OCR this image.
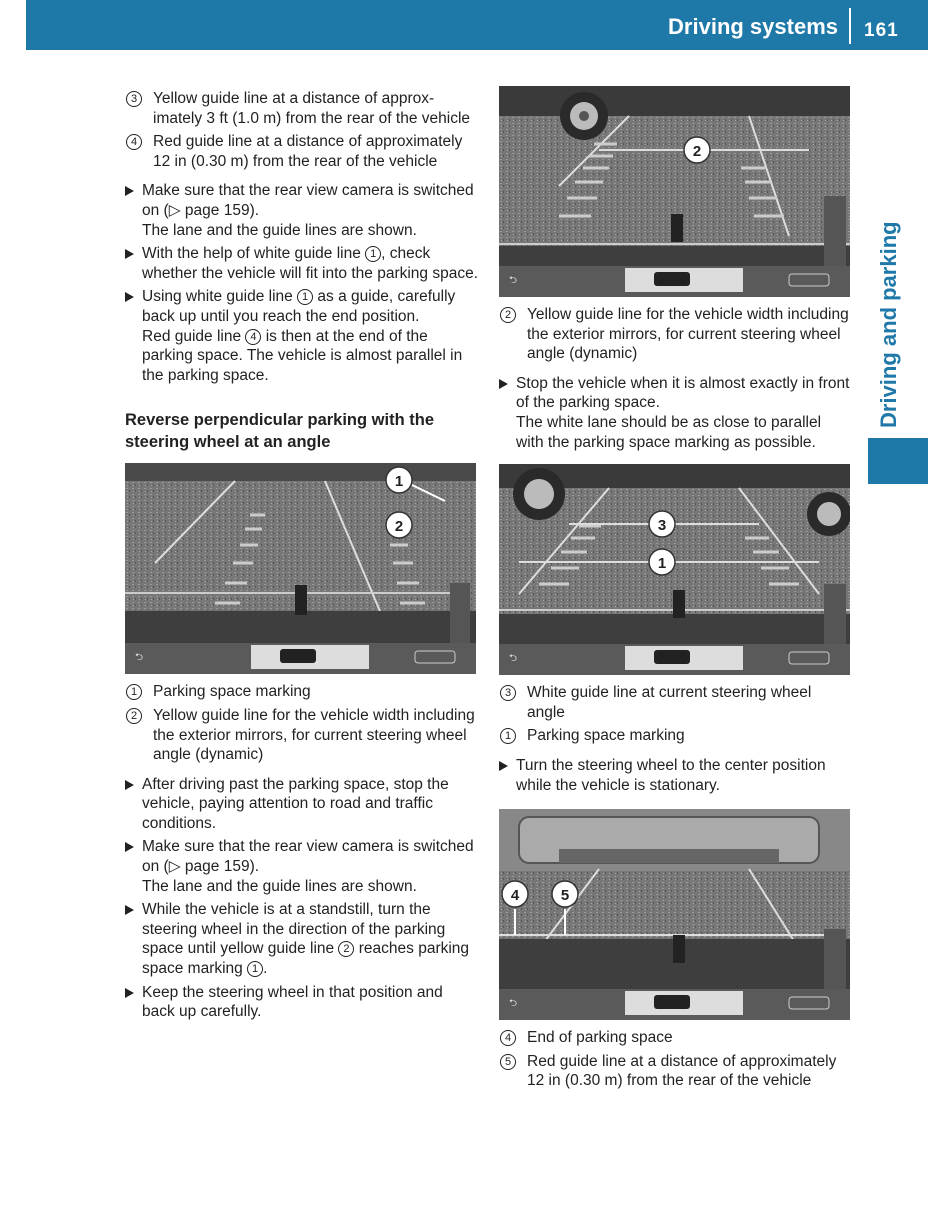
Driving systems 161
Driving and parking
3	Yellow guide line at a distance of approximately 3 ft (1.0 m) from the rear of the vehicle
4	Red guide line at a distance of approximately 12 in (0.30 m) from the rear of the vehicle

Make sure that the rear view camera is switched on (▷ page 159).

The lane and the guide lines are shown.

With the help of white guide line 1 , check whether the vehicle will fit into the parking space.

Using white guide line 1 as a guide, carefully back up until you reach the end position.

Red guide line 4 is then at the end of the parking space. The vehicle is almost parallel in the parking space.

Reverse perpendicular parking with the steering wheel at an angle
⮌
1
2
1	Parking space marking
2	Yellow guide line for the vehicle width including the exterior mirrors, for current steering wheel angle (dynamic)

After driving past the parking space, stop the vehicle, paying attention to road and traffic conditions.

Make sure that the rear view camera is switched on (▷ page 159).

The lane and the guide lines are shown.

While the vehicle is at a standstill, turn the steering wheel in the direction of the parking space until yellow guide line 2 reaches parking space marking 1 .

Keep the steering wheel in that position and back up carefully.

⮌
2
2	Yellow guide line for the vehicle width including the exterior mirrors, for current steering wheel angle (dynamic)

Stop the vehicle when it is almost exactly in front of the parking space.

The white lane should be as close to parallel with the parking space marking as possible.

⮌
3
1
3	White guide line at current steering wheel angle
1	Parking space marking

Turn the steering wheel to the center position while the vehicle is stationary.

⮌
4	5
4	End of parking space
5	Red guide line at a distance of approximately 12 in (0.30 m) from the rear of the vehicle
